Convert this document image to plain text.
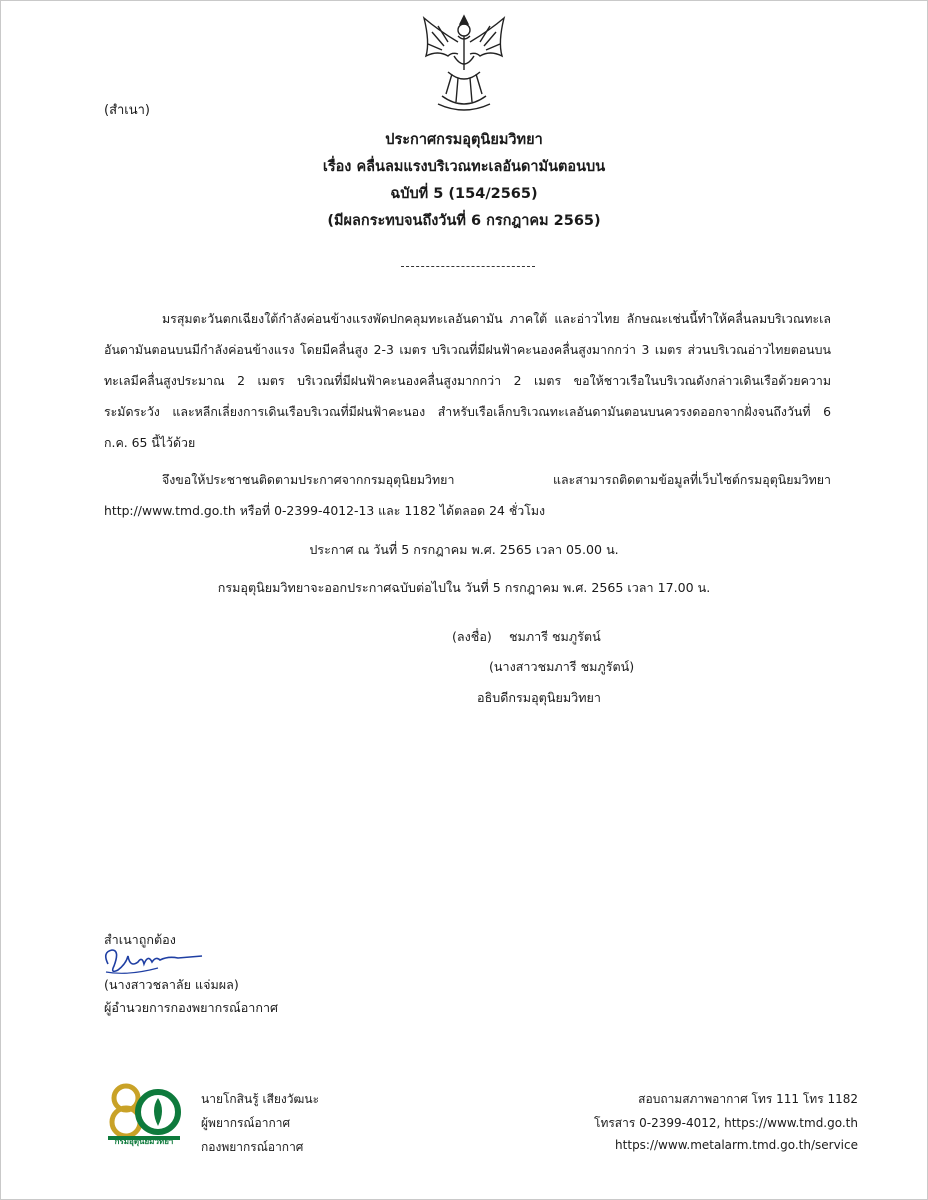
(สำเนา)
ประกาศกรมอุตุนิยมวิทยา
เรื่อง คลื่นลมแรงบริเวณทะเลอันดามันตอนบน
ฉบับที่ 5 (154/2565)
(มีผลกระทบจนถึงวันที่ 6 กรกฎาคม 2565)
มรสุมตะวันตกเฉียงใต้กำลังค่อนข้างแรงพัดปกคลุมทะเลอันดามัน ภาคใต้ และอ่าวไทย ลักษณะเช่นนี้ทำให้คลื่นลมบริเวณทะเลอันดามันตอนบนมีกำลังค่อนข้างแรง โดยมีคลื่นสูง 2-3 เมตร บริเวณที่มีฝนฟ้าคะนองคลื่นสูงมากกว่า 3 เมตร ส่วนบริเวณอ่าวไทยตอนบนทะเลมีคลื่นสูงประมาณ 2 เมตร บริเวณที่มีฝนฟ้าคะนองคลื่นสูงมากกว่า 2 เมตร ขอให้ชาวเรือในบริเวณดังกล่าวเดินเรือด้วยความระมัดระวัง และหลีกเลี่ยงการเดินเรือบริเวณที่มีฝนฟ้าคะนอง สำหรับเรือเล็กบริเวณทะเลอันดามันตอนบนควรงดออกจากฝั่งจนถึงวันที่ 6 ก.ค. 65 นี้ไว้ด้วย
จึงขอให้ประชาชนติดตามประกาศจากกรมอุตุนิยมวิทยา และสามารถติดตามข้อมูลที่เว็บไซต์กรมอุตุนิยมวิทยา http://www.tmd.go.th หรือที่ 0-2399-4012-13 และ 1182 ได้ตลอด 24 ชั่วโมง
ประกาศ ณ วันที่ 5 กรกฎาคม พ.ศ. 2565 เวลา 05.00 น.
กรมอุตุนิยมวิทยาจะออกประกาศฉบับต่อไปใน วันที่ 5 กรกฎาคม พ.ศ. 2565 เวลา 17.00 น.
(ลงชื่อ) ชมภารี ชมภูรัตน์
(นางสาวชมภารี ชมภูรัตน์)
อธิบดีกรมอุตุนิยมวิทยา
สำเนาถูกต้อง
(นางสาวชลาลัย แจ่มผล)
ผู้อำนวยการกองพยากรณ์อากาศ
กรมอุตุนิยมวิทยา
นายโกสินรู้ เสียงวัฒนะ
ผู้พยากรณ์อากาศ
กองพยากรณ์อากาศ
สอบถามสภาพอากาศ โทร 111 โทร 1182
โทรสาร 0-2399-4012, https://www.tmd.go.th
https://www.metalarm.tmd.go.th/service
